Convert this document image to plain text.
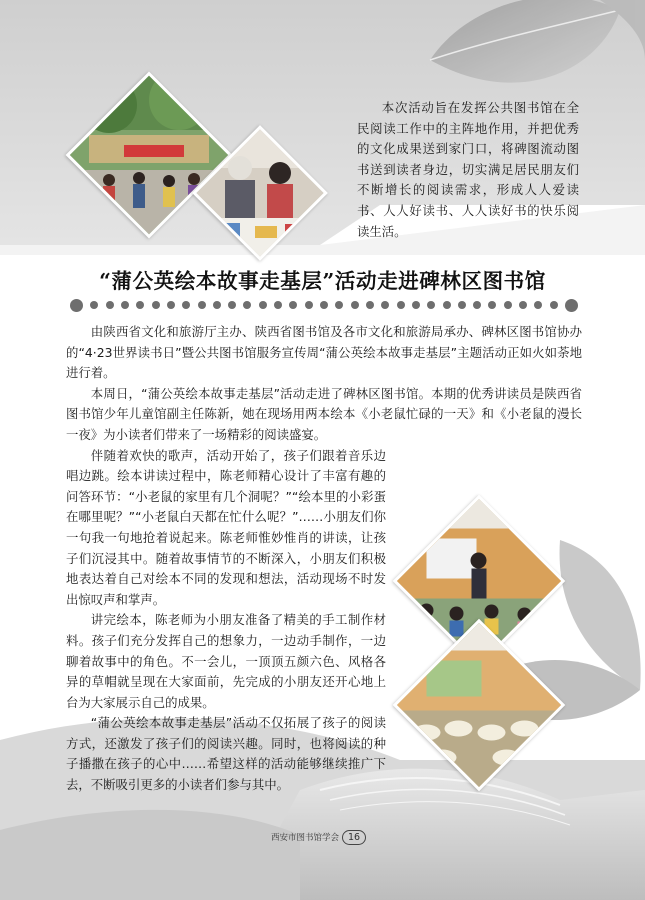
本次活动旨在发挥公共图书馆在全民阅读工作中的主阵地作用，并把优秀的文化成果送到家门口，将碑图流动图书送到读者身边，切实满足居民朋友们不断增长的阅读需求，形成人人爱读书、人人好读书、人人读好书的快乐阅读生活。

“蒲公英绘本故事走基层”活动走进碑林区图书馆

由陕西省文化和旅游厅主办、陕西省图书馆及各市文化和旅游局承办、碑林区图书馆协办的“4·23世界读书日”暨公共图书馆服务宣传周“蒲公英绘本故事走基层”主题活动正如火如荼地进行着。

本周日，“蒲公英绘本故事走基层”活动走进了碑林区图书馆。本期的优秀讲读员是陕西省图书馆少年儿童馆副主任陈新，她在现场用两本绘本《小老鼠忙碌的一天》和《小老鼠的漫长一夜》为小读者们带来了一场精彩的阅读盛宴。

伴随着欢快的歌声，活动开始了，孩子们跟着音乐边唱边跳。绘本讲读过程中，陈老师精心设计了丰富有趣的问答环节：“小老鼠的家里有几个洞呢？”“绘本里的小彩蛋在哪里呢？”“小老鼠白天都在忙什么呢？”……小朋友们你一句我一句地抢着说起来。陈老师惟妙惟肖的讲读，让孩子们沉浸其中。随着故事情节的不断深入，小朋友们积极地表达着自己对绘本不同的发现和想法，活动现场不时发出惊叹声和掌声。

讲完绘本，陈老师为小朋友准备了精美的手工制作材料。孩子们充分发挥自己的想象力，一边动手制作，一边聊着故事中的角色。不一会儿，一顶顶五颜六色、风格各异的草帽就呈现在大家面前，先完成的小朋友还开心地上台为大家展示自己的成果。

“蒲公英绘本故事走基层”活动不仅拓展了孩子的阅读方式，还激发了孩子们的阅读兴趣。同时，也将阅读的种子播撒在孩子的心中……希望这样的活动能够继续推广下去，不断吸引更多的小读者们参与其中。

西安市图书馆学会 16
